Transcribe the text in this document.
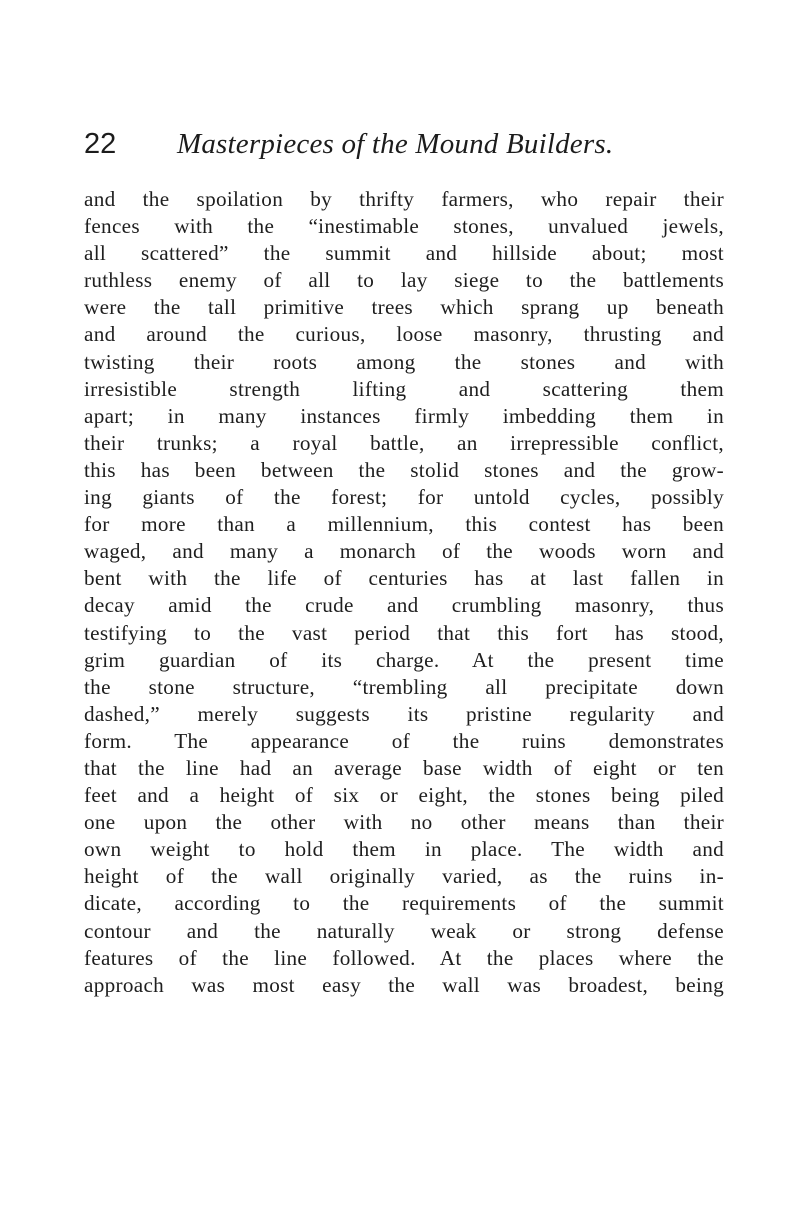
22 Masterpieces of the Mound Builders.
and the spoilation by thrifty farmers, who repair their
fences with the “inestimable stones, unvalued jewels,
all scattered” the summit and hillside about; most
ruthless enemy of all to lay siege to the battlements
were the tall primitive trees which sprang up beneath
and around the curious, loose masonry, thrusting and
twisting their roots among the stones and with
irresistible strength lifting and scattering them
apart; in many instances firmly imbedding them in
their trunks; a royal battle, an irrepressible conflict,
this has been between the stolid stones and the grow-
ing giants of the forest; for untold cycles, possibly
for more than a millennium, this contest has been
waged, and many a monarch of the woods worn and
bent with the life of centuries has at last fallen in
decay amid the crude and crumbling masonry, thus
testifying to the vast period that this fort has stood,
grim guardian of its charge. At the present time
the stone structure, “trembling all precipitate down
dashed,” merely suggests its pristine regularity and
form. The appearance of the ruins demonstrates
that the line had an average base width of eight or ten
feet and a height of six or eight, the stones being piled
one upon the other with no other means than their
own weight to hold them in place. The width and
height of the wall originally varied, as the ruins in-
dicate, according to the requirements of the summit
contour and the naturally weak or strong defense
features of the line followed. At the places where the
approach was most easy the wall was broadest, being
